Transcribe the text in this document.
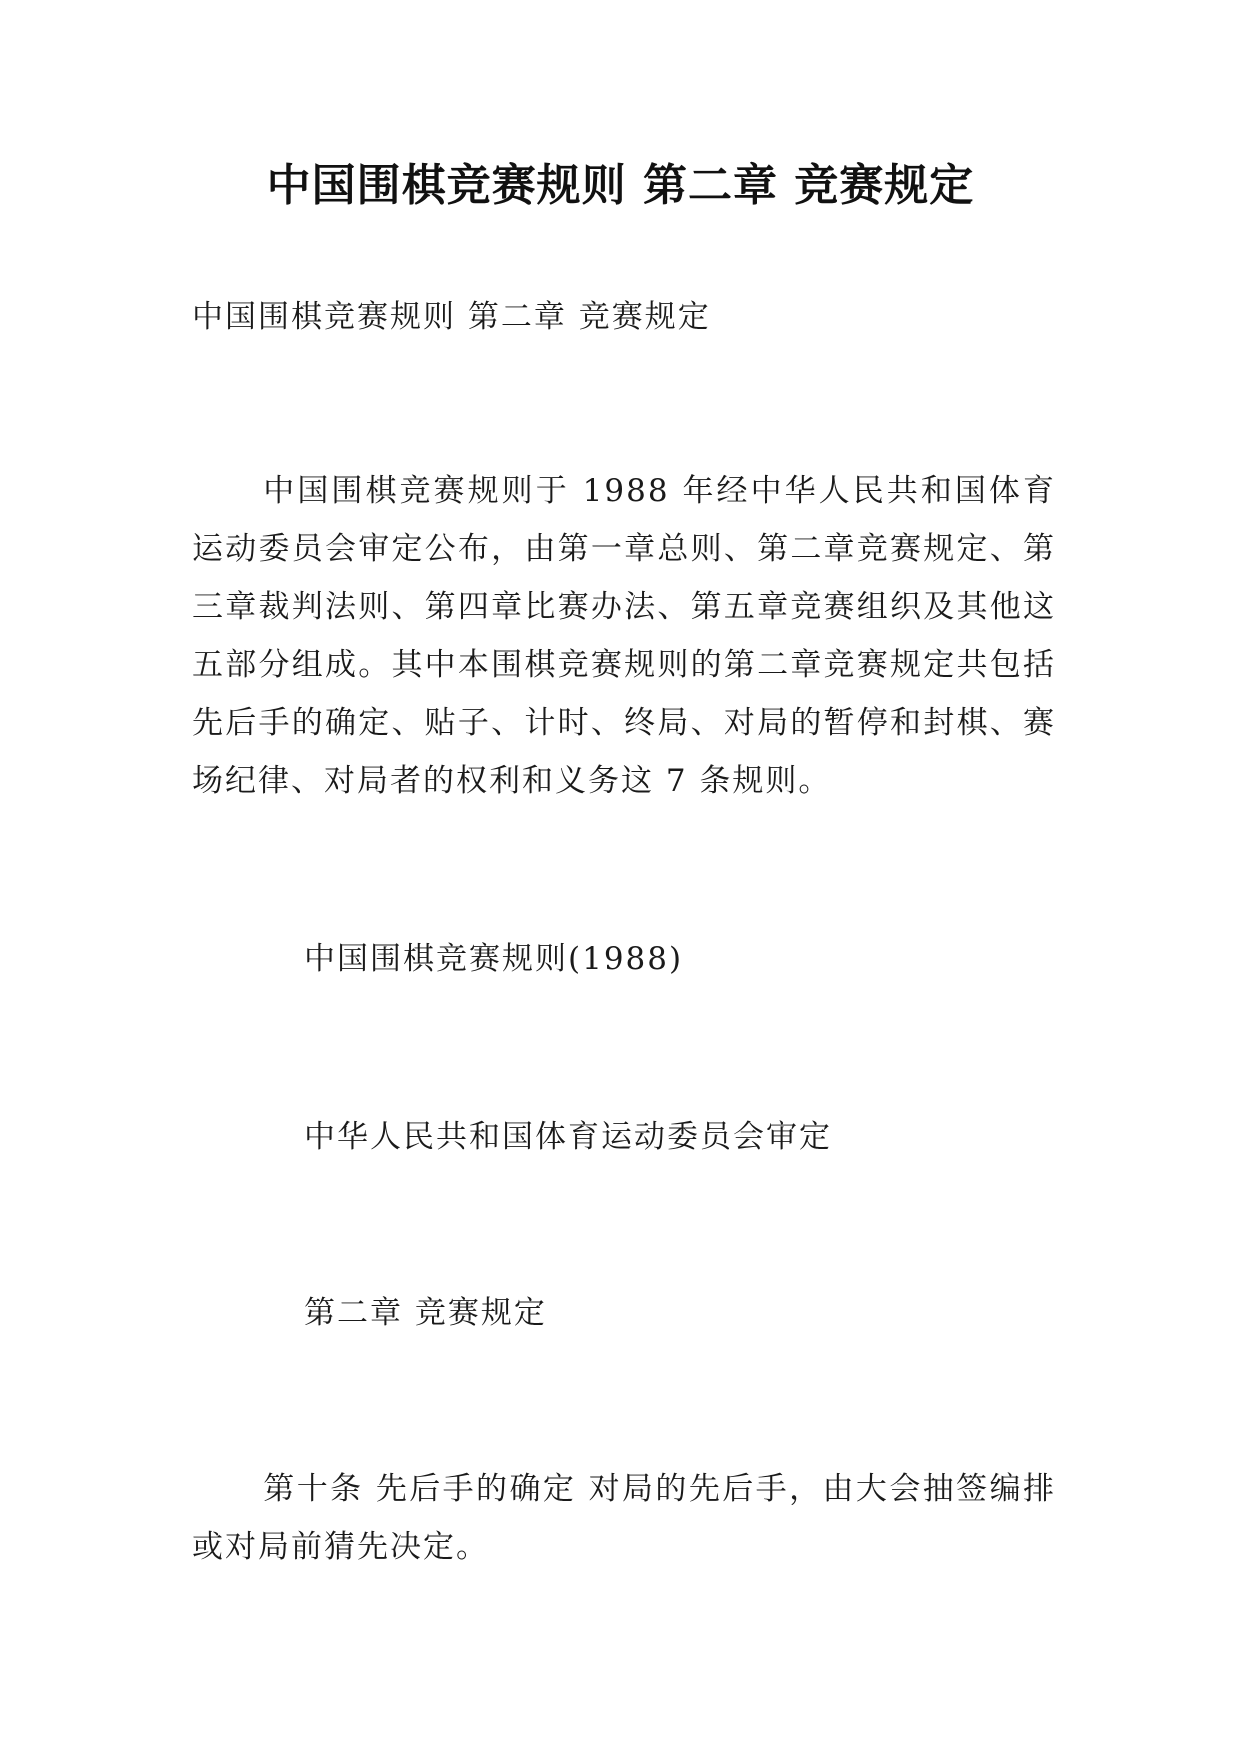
中国围棋竞赛规则 第二章 竞赛规定

中国围棋竞赛规则 第二章 竞赛规定

中国围棋竞赛规则于 1988 年经中华人民共和国体育运动委员会审定公布，由第一章总则、第二章竞赛规定、第三章裁判法则、第四章比赛办法、第五章竞赛组织及其他这五部分组成。其中本围棋竞赛规则的第二章竞赛规定共包括先后手的确定、贴子、计时、终局、对局的暂停和封棋、赛场纪律、对局者的权利和义务这 7 条规则。

中国围棋竞赛规则(1988)

中华人民共和国体育运动委员会审定

第二章 竞赛规定

第十条 先后手的确定 对局的先后手，由大会抽签编排或对局前猜先决定。
